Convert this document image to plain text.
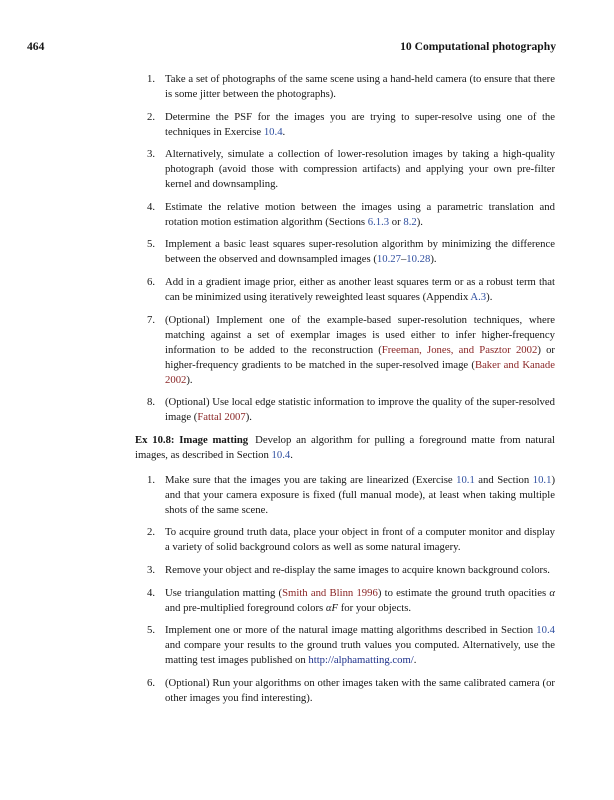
464	10 Computational photography
1. Take a set of photographs of the same scene using a hand-held camera (to ensure that there is some jitter between the photographs).
2. Determine the PSF for the images you are trying to super-resolve using one of the techniques in Exercise 10.4.
3. Alternatively, simulate a collection of lower-resolution images by taking a high-quality photograph (avoid those with compression artifacts) and applying your own pre-filter kernel and downsampling.
4. Estimate the relative motion between the images using a parametric translation and rotation motion estimation algorithm (Sections 6.1.3 or 8.2).
5. Implement a basic least squares super-resolution algorithm by minimizing the difference between the observed and downsampled images (10.27–10.28).
6. Add in a gradient image prior, either as another least squares term or as a robust term that can be minimized using iteratively reweighted least squares (Appendix A.3).
7. (Optional) Implement one of the example-based super-resolution techniques, where matching against a set of exemplar images is used either to infer higher-frequency information to be added to the reconstruction (Freeman, Jones, and Pasztor 2002) or higher-frequency gradients to be matched in the super-resolved image (Baker and Kanade 2002).
8. (Optional) Use local edge statistic information to improve the quality of the super-resolved image (Fattal 2007).
Ex 10.8: Image matting Develop an algorithm for pulling a foreground matte from natural images, as described in Section 10.4.
1. Make sure that the images you are taking are linearized (Exercise 10.1 and Section 10.1) and that your camera exposure is fixed (full manual mode), at least when taking multiple shots of the same scene.
2. To acquire ground truth data, place your object in front of a computer monitor and display a variety of solid background colors as well as some natural imagery.
3. Remove your object and re-display the same images to acquire known background colors.
4. Use triangulation matting (Smith and Blinn 1996) to estimate the ground truth opacities α and pre-multiplied foreground colors αF for your objects.
5. Implement one or more of the natural image matting algorithms described in Section 10.4 and compare your results to the ground truth values you computed. Alternatively, use the matting test images published on http://alphamatting.com/.
6. (Optional) Run your algorithms on other images taken with the same calibrated camera (or other images you find interesting).
